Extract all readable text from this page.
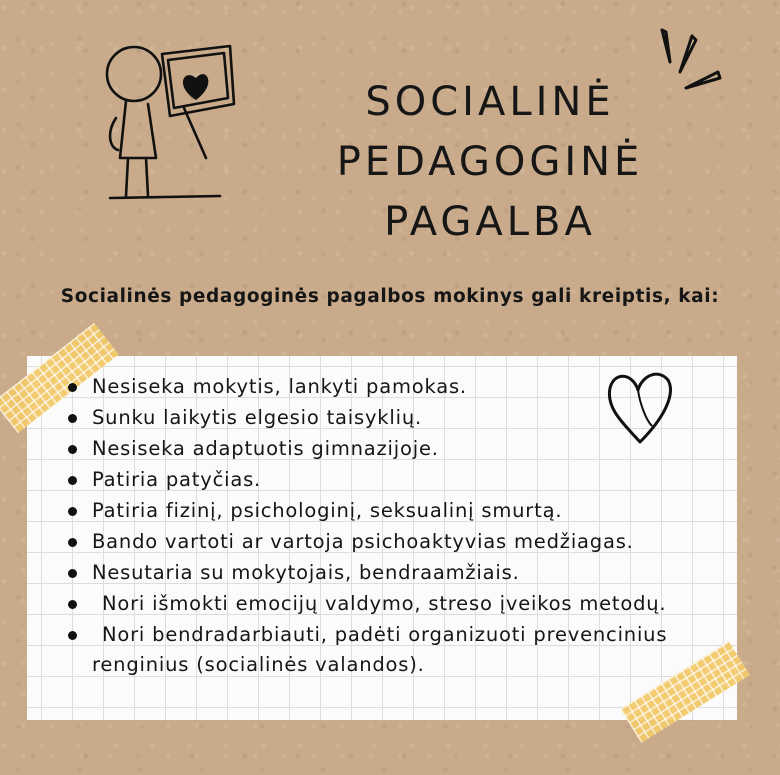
SOCIALINĖ
PEDAGOGINĖ
PAGALBA
Socialinės pedagoginės pagalbos mokinys gali kreiptis, kai:
Nesiseka mokytis, lankyti pamokas.
Sunku laikytis elgesio taisyklių.
Nesiseka adaptuotis gimnazijoje.
Patiria patyčias.
Patiria fizinį, psichologinį, seksualinį smurtą.
Bando vartoti ar vartoja psichoaktyvias medžiagas.
Nesutaria su mokytojais, bendraamžiais.
Nori išmokti emocijų valdymo, streso įveikos metodų.
Nori bendradarbiauti, padėti organizuoti prevencinius renginius (socialinės valandos).
